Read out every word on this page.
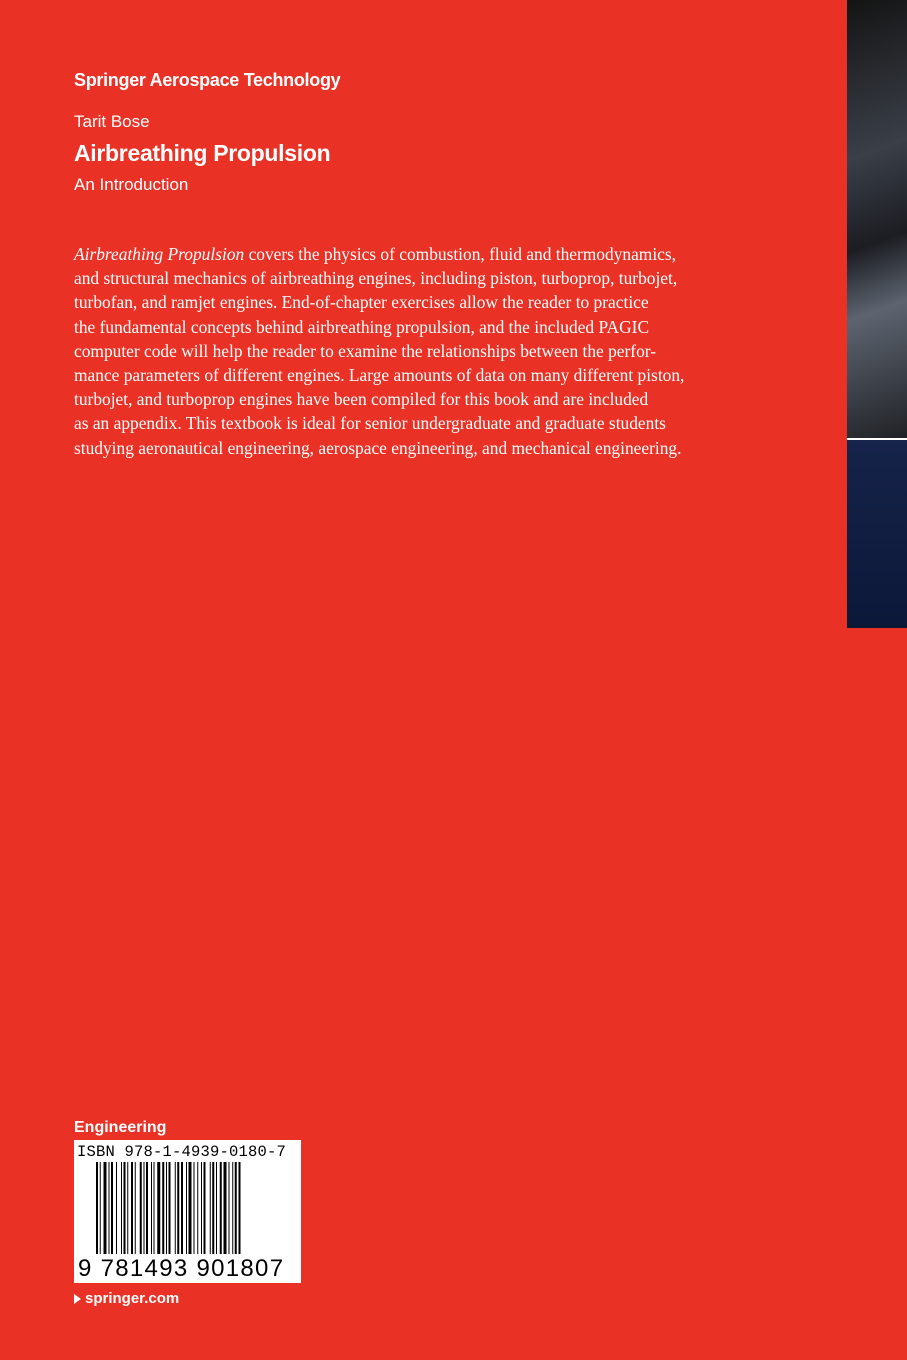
Springer Aerospace Technology
Tarit Bose
Airbreathing Propulsion
An Introduction

Airbreathing Propulsion covers the physics of combustion, fluid and thermodynamics,

and structural mechanics of airbreathing engines, including piston, turboprop, turbojet,

turbofan, and ramjet engines. End-of-chapter exercises allow the reader to practice

the fundamental concepts behind airbreathing propulsion, and the included PAGIC

computer code will help the reader to examine the relationships between the perfor-

mance parameters of different engines. Large amounts of data on many different piston,

turbojet, and turboprop engines have been compiled for this book and are included

as an appendix. This textbook is ideal for senior undergraduate and graduate students

studying aeronautical engineering, aerospace engineering, and mechanical engineering.

Engineering
ISBN 978-1-4939-0180-7
9 781493 901807
springer.com
